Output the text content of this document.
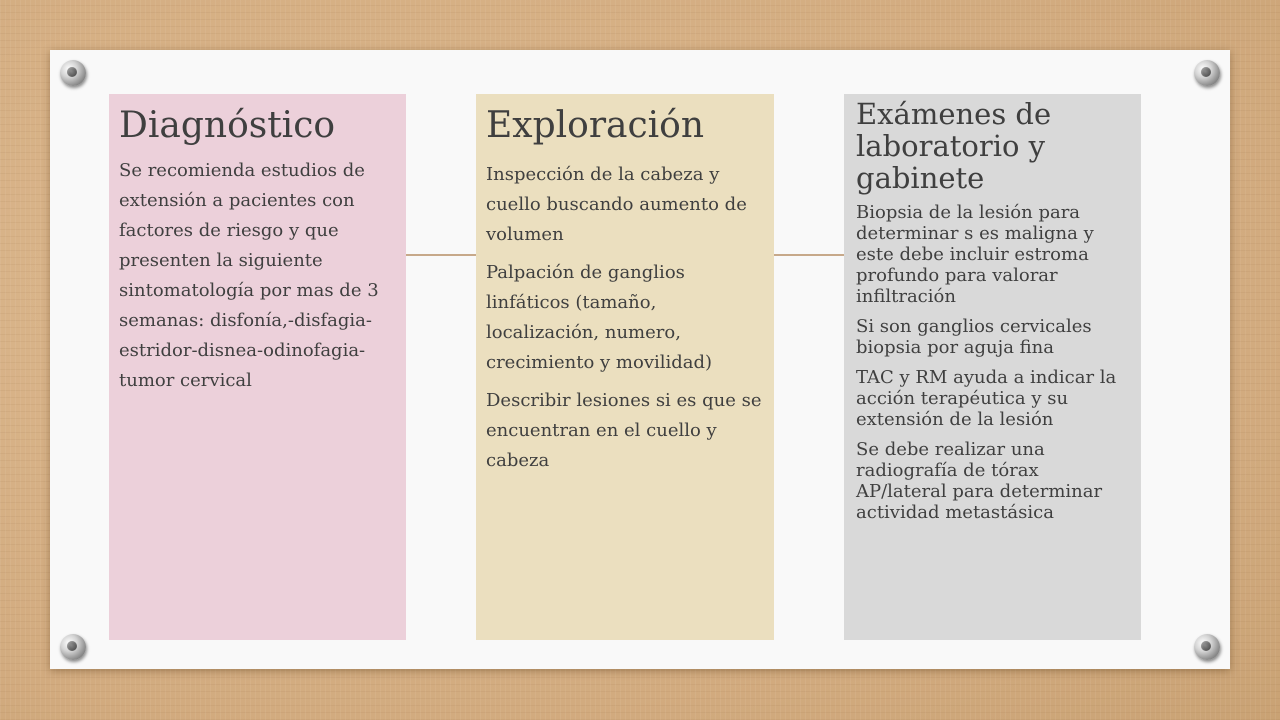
Diagnóstico

Se recomienda estudios de extensión a pacientes con factores de riesgo y que presenten la siguiente sintomatología por mas de 3 semanas: disfonía,-disfagia-estridor-disnea-odinofagia-tumor cervical

Exploración

Inspección de la cabeza y cuello buscando aumento de volumen

Palpación de ganglios linfáticos (tamaño, localización, numero, crecimiento y movilidad)

Describir lesiones si es que se encuentran en el cuello y cabeza

Exámenes de laboratorio y gabinete

Biopsia de la lesión para determinar s es maligna y este debe incluir estroma profundo para valorar infiltración

Si son ganglios cervicales biopsia por aguja fina

TAC y RM ayuda a indicar la acción terapéutica y su extensión de la lesión

Se debe realizar una radiografía de tórax AP/lateral para determinar actividad metastásica
